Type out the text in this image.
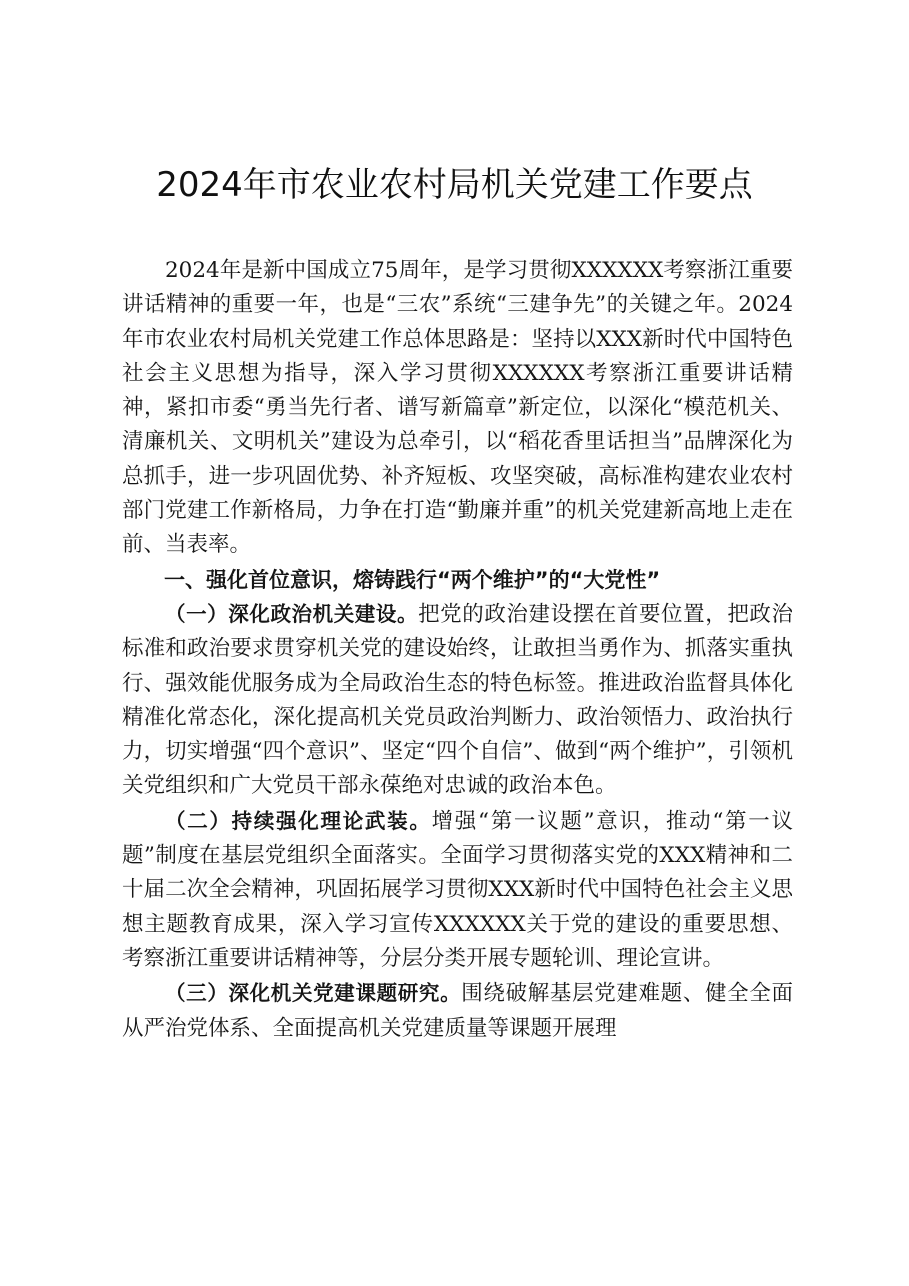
2024年市农业农村局机关党建工作要点

2024年是新中国成立75周年，是学习贯彻XXXXXX考察浙江重要讲话精神的重要一年，也是“三农”系统“三建争先”的关键之年。2024年市农业农村局机关党建工作总体思路是：坚持以XXX新时代中国特色社会主义思想为指导，深入学习贯彻XXXXXX考察浙江重要讲话精神，紧扣市委“勇当先行者、谱写新篇章”新定位，以深化“模范机关、清廉机关、文明机关”建设为总牵引，以“稻花香里话担当”品牌深化为总抓手，进一步巩固优势、补齐短板、攻坚突破，高标准构建农业农村部门党建工作新格局，力争在打造“勤廉并重”的机关党建新高地上走在前、当表率。

一、强化首位意识，熔铸践行“两个维护”的“大党性”

（一）深化政治机关建设。把党的政治建设摆在首要位置，把政治标准和政治要求贯穿机关党的建设始终，让敢担当勇作为、抓落实重执行、强效能优服务成为全局政治生态的特色标签。推进政治监督具体化精准化常态化，深化提高机关党员政治判断力、政治领悟力、政治执行力，切实增强“四个意识”、坚定“四个自信”、做到“两个维护”，引领机关党组织和广大党员干部永葆绝对忠诚的政治本色。

（二）持续强化理论武装。增强“第一议题”意识，推动“第一议题”制度在基层党组织全面落实。全面学习贯彻落实党的XXX精神和二十届二次全会精神，巩固拓展学习贯彻XXX新时代中国特色社会主义思想主题教育成果，深入学习宣传XXXXXX关于党的建设的重要思想、考察浙江重要讲话精神等，分层分类开展专题轮训、理论宣讲。

（三）深化机关党建课题研究。围绕破解基层党建难题、健全全面从严治党体系、全面提高机关党建质量等课题开展理
